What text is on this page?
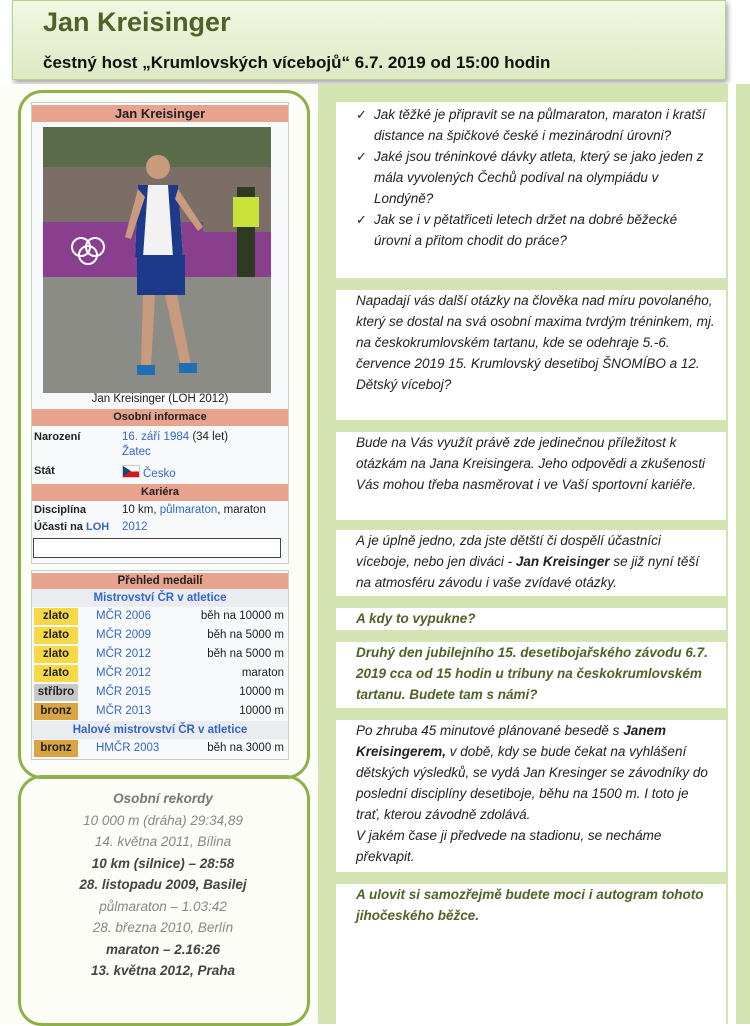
Jan Kreisinger
čestný host „Krumlovských vícebojů“ 6.7. 2019 od 15:00 hodin
Jan Kreisinger
Jan Kreisinger (LOH 2012)
Osobní informace
Narození	16. září 1984 (34 let)
Žatec
Stát	Česko
Kariéra
Disciplína	10 km, půlmaraton, maraton
Účasti na LOH 2012
Přehled medailí
Mistrovství ČR v atletice
zlato	MČR 2006	běh na 10000 m
zlato	MČR 2009	běh na 5000 m
zlato	MČR 2012	běh na 5000 m
zlato	MČR 2012	maraton
stříbro	MČR 2015	10000 m
bronz	MČR 2013	10000 m
Halové mistrovství ČR v atletice
bronz	HMČR 2003	běh na 3000 m
Osobní rekordy
10 000 m (dráha) 29:34,89
14. května 2011, Bílina
10 km (silnice) – 28:58
28. listopadu 2009, Basilej
půlmaraton – 1.03:42
28. března 2010, Berlín
maraton – 2.16:26
13. května 2012, Praha
✓ Jak těžké je připravit se na půlmaraton, maraton i kratší distance na špičkové české i mezinárodní úrovni?
✓ Jaké jsou tréninkové dávky atleta, který se jako jeden z mála vyvolených Čechů podíval na olympiádu v Londýně?
✓ Jak se i v pětatřiceti letech držet na dobré běžecké úrovni a přitom chodit do práce?
Napadají vás další otázky na člověka nad míru povolaného, který se dostal na svá osobní maxima tvrdým tréninkem, mj. na českokrumlovském tartanu, kde se odehraje 5.-6. července 2019 15. Krumlovský desetiboj ŠNOMÍBO a 12. Dětský víceboj?
Bude na Vás využít právě zde jedinečnou příležitost k otázkám na Jana Kreisingera. Jeho odpovědi a zkušenosti Vás mohou třeba nasměrovat i ve Vaší sportovní kariéře.
A je úplně jedno, zda jste dětští či dospělí účastníci víceboje, nebo jen diváci - Jan Kreisinger se již nyní těší na atmosféru závodu i vaše zvídavé otázky.
A kdy to vypukne?
Druhý den jubilejního 15. desetibojařského závodu 6.7. 2019 cca od 15 hodin u tribuny na českokrumlovském tartanu. Budete tam s námi?
Po zhruba 45 minutové plánované besedě s Janem Kreisingerem, v době, kdy se bude čekat na vyhlášení dětských výsledků, se vydá Jan Kresinger se závodníky do poslední disciplíny desetiboje, běhu na 1500 m. I toto je trať, kterou závodně zdolává.
V jakém čase ji předvede na stadionu, se necháme překvapit.
A ulovit si samozřejmě budete moci i autogram tohoto jihočeského běžce.
